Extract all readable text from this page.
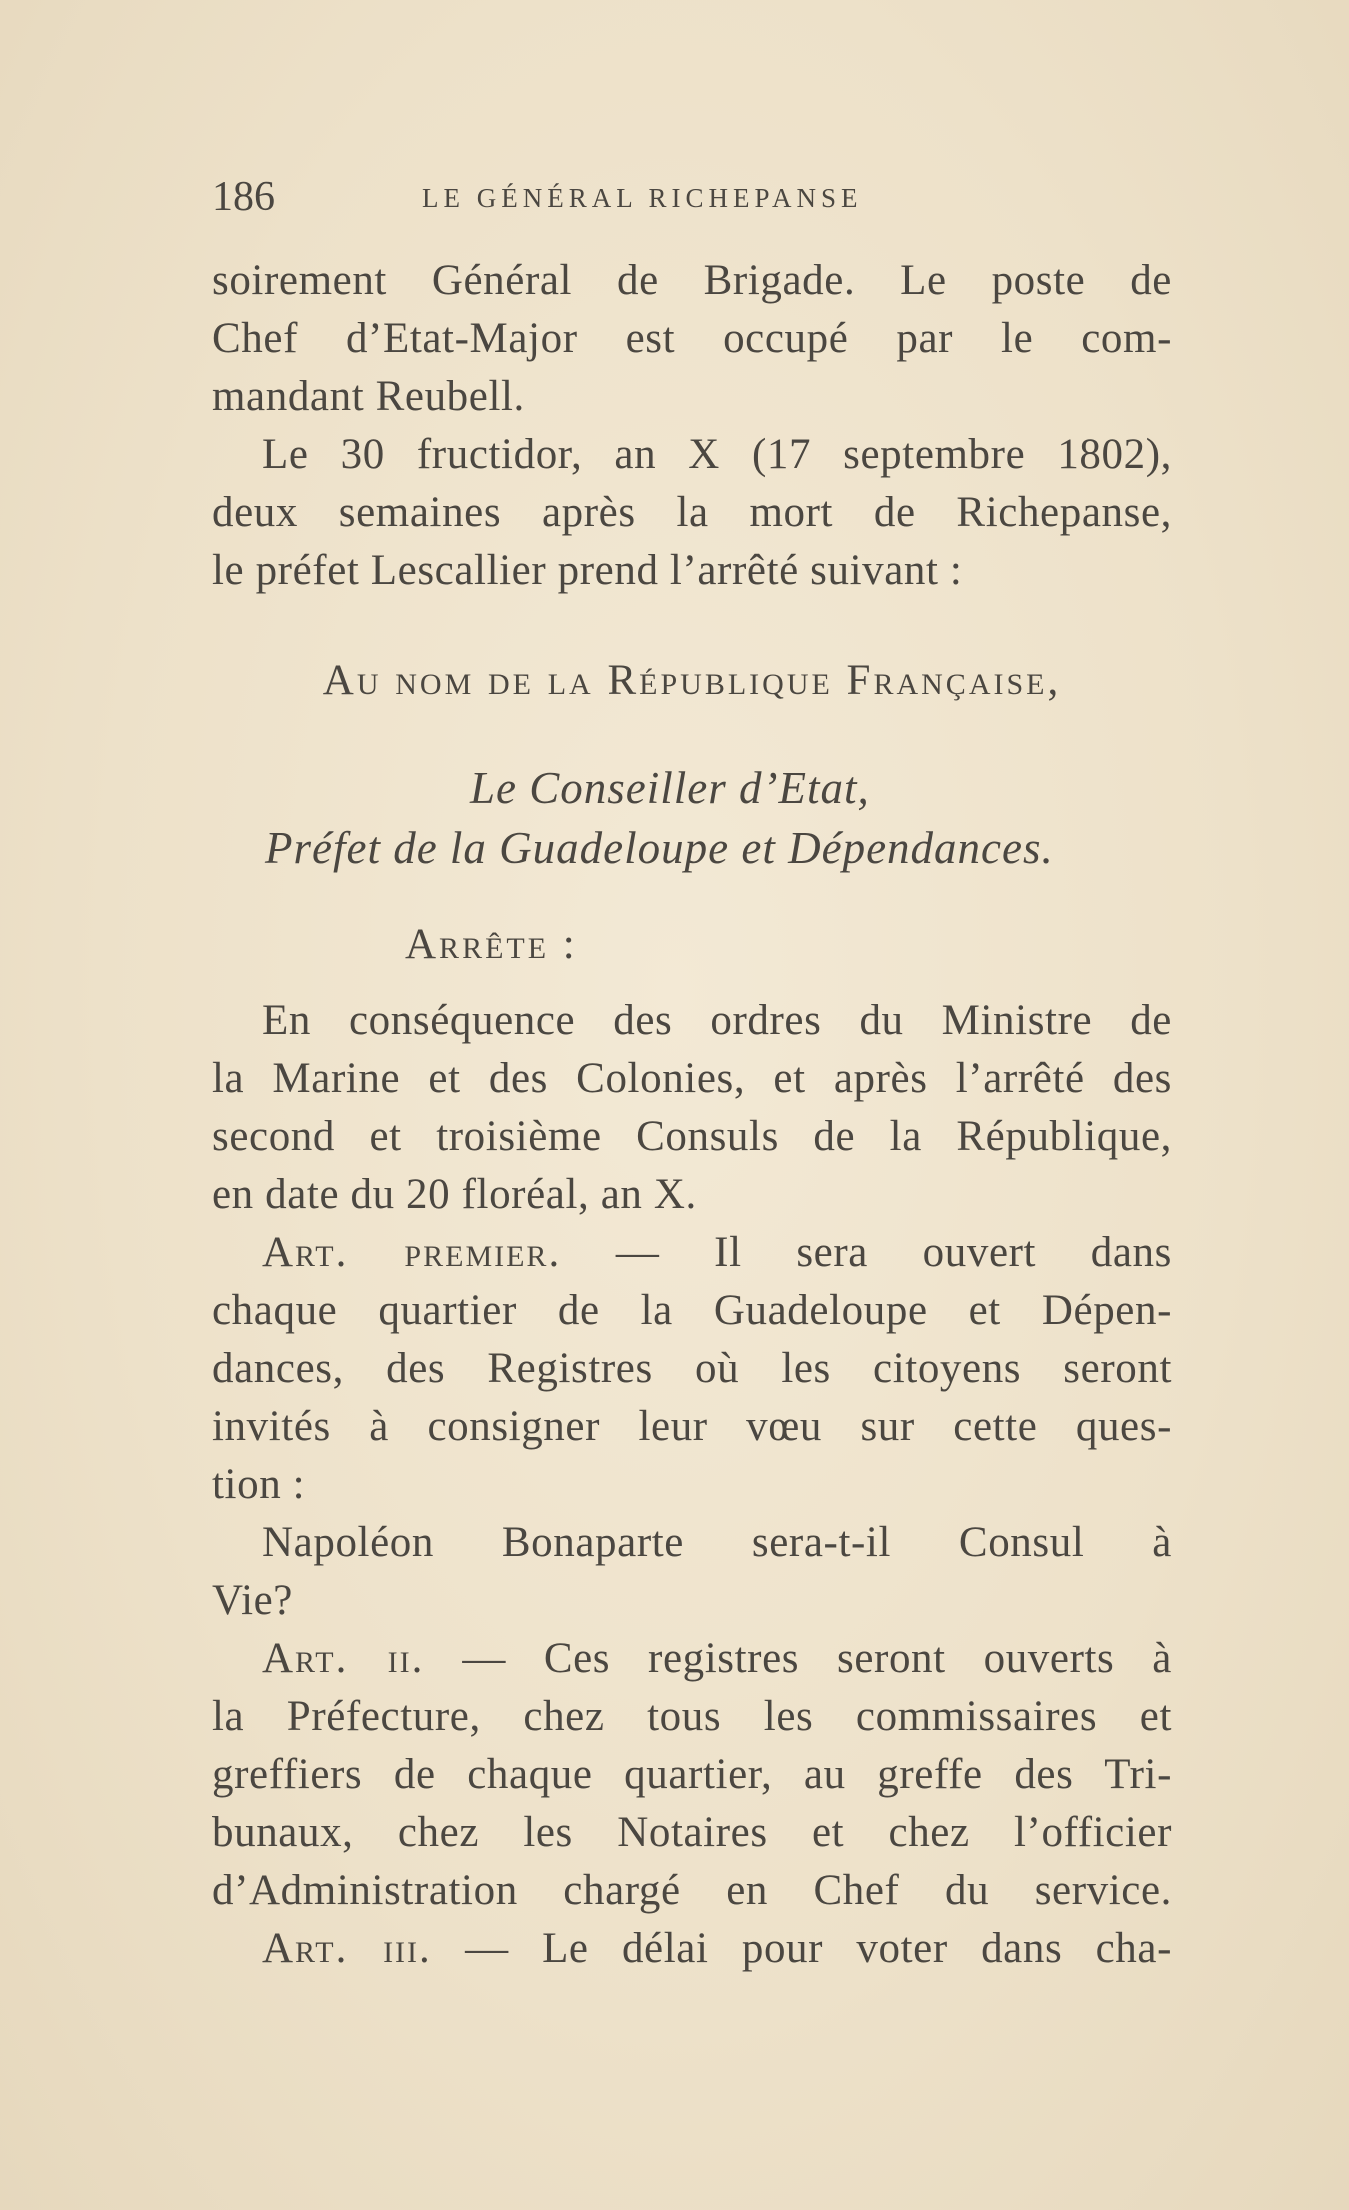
186	LE GÉNÉRAL RICHEPANSE
soirement Général de Brigade. Le poste de
Chef d’Etat-Major est occupé par le com-
mandant Reubell.
Le 30 fructidor, an X (17 septembre 1802),
deux semaines après la mort de Richepanse,
le préfet Lescallier prend l’arrêté suivant :
Au nom de la République Française,
Le Conseiller d’Etat,
Préfet de la Guadeloupe et Dépendances.
Arrête :
En conséquence des ordres du Ministre de
la Marine et des Colonies, et après l’arrêté des
second et troisième Consuls de la République,
en date du 20 floréal, an X.
Art. premier. — Il sera ouvert dans
chaque quartier de la Guadeloupe et Dépen-
dances, des Registres où les citoyens seront
invités à consigner leur vœu sur cette ques-
tion :
Napoléon Bonaparte sera-t-il Consul à
Vie?
Art. ii. — Ces registres seront ouverts à
la Préfecture, chez tous les commissaires et
greffiers de chaque quartier, au greffe des Tri-
bunaux, chez les Notaires et chez l’officier
d’Administration chargé en Chef du service.
Art. iii. — Le délai pour voter dans cha-
